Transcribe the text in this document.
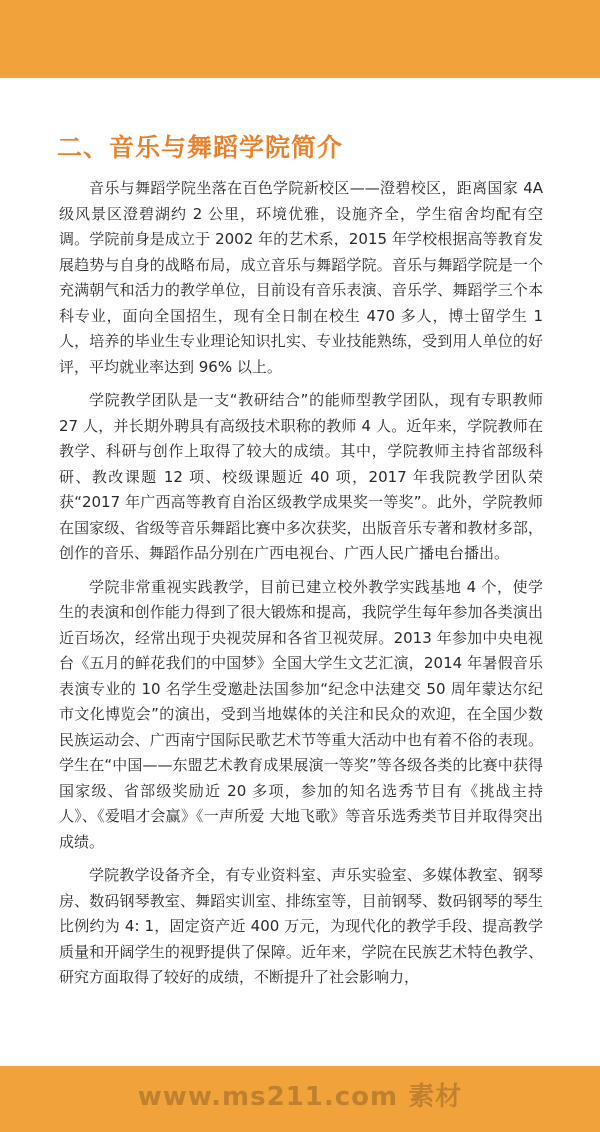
二、音乐与舞蹈学院简介

音乐与舞蹈学院坐落在百色学院新校区——澄碧校区，距离国家 4A 级风景区澄碧湖约 2 公里，环境优雅，设施齐全，学生宿舍均配有空调。学院前身是成立于 2002 年的艺术系，2015 年学校根据高等教育发展趋势与自身的战略布局，成立音乐与舞蹈学院。音乐与舞蹈学院是一个充满朝气和活力的教学单位，目前设有音乐表演、音乐学、舞蹈学三个本科专业，面向全国招生，现有全日制在校生 470 多人，博士留学生 1 人，培养的毕业生专业理论知识扎实、专业技能熟练，受到用人单位的好评，平均就业率达到 96% 以上。

学院教学团队是一支“教研结合”的能师型教学团队，现有专职教师 27 人，并长期外聘具有高级技术职称的教师 4 人。近年来，学院教师在教学、科研与创作上取得了较大的成绩。其中，学院教师主持省部级科研、教改课题 12 项、校级课题近 40 项，2017 年我院教学团队荣获“2017 年广西高等教育自治区级教学成果奖一等奖”。此外，学院教师在国家级、省级等音乐舞蹈比赛中多次获奖，出版音乐专著和教材多部，创作的音乐、舞蹈作品分别在广西电视台、广西人民广播电台播出。

学院非常重视实践教学，目前已建立校外教学实践基地 4 个，使学生的表演和创作能力得到了很大锻炼和提高，我院学生每年参加各类演出近百场次，经常出现于央视荧屏和各省卫视荧屏。2013 年参加中央电视台《五月的鲜花我们的中国梦》全国大学生文艺汇演，2014 年暑假音乐表演专业的 10 名学生受邀赴法国参加“纪念中法建交 50 周年蒙达尔纪市文化博览会”的演出，受到当地媒体的关注和民众的欢迎，在全国少数民族运动会、广西南宁国际民歌艺术节等重大活动中也有着不俗的表现。学生在“中国——东盟艺术教育成果展演一等奖”等各级各类的比赛中获得国家级、省部级奖励近 20 多项，参加的知名选秀节目有《挑战主持人》、《爱唱才会赢》《一声所爱 大地飞歌》等音乐选秀类节目并取得突出成绩。

学院教学设备齐全，有专业资料室、声乐实验室、多媒体教室、钢琴房、数码钢琴教室、舞蹈实训室、排练室等，目前钢琴、数码钢琴的琴生比例约为 4: 1，固定资产近 400 万元，为现代化的教学手段、提高教学质量和开阔学生的视野提供了保障。近年来，学院在民族艺术特色教学、研究方面取得了较好的成绩，不断提升了社会影响力，

www.ms211.com 素材
